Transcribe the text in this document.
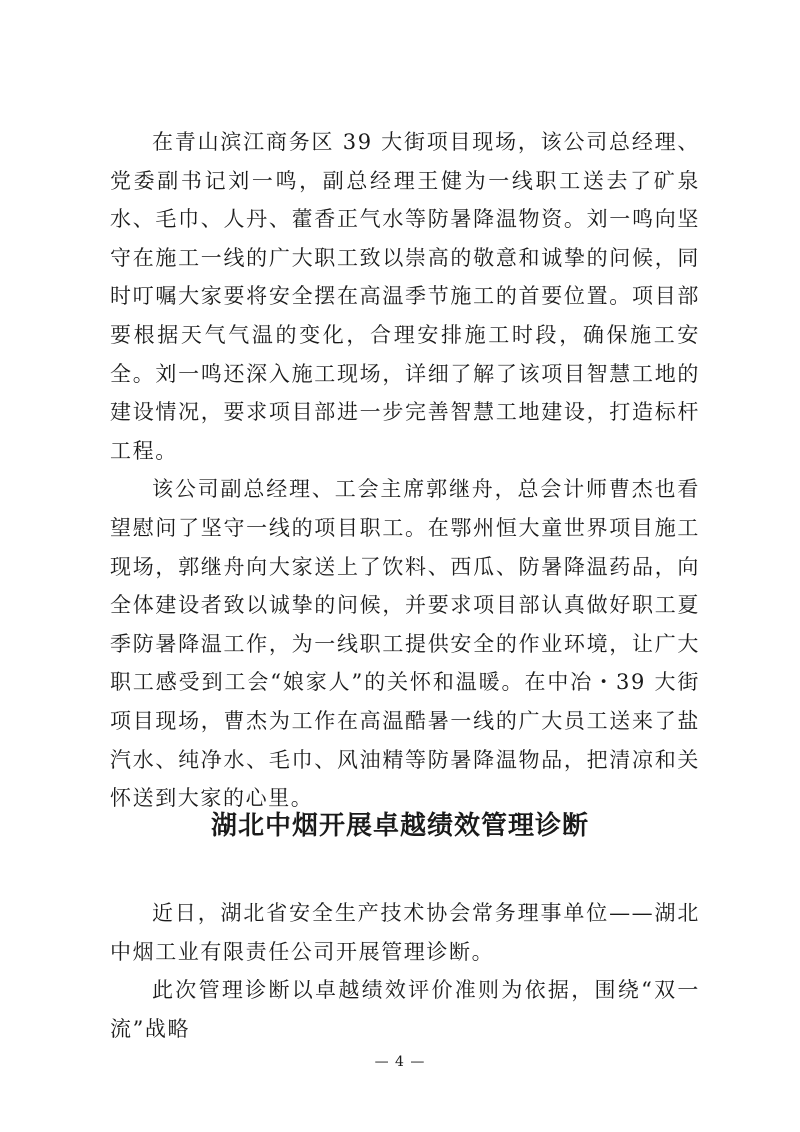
在青山滨江商务区 39 大街项目现场，该公司总经理、党委副书记刘一鸣，副总经理王健为一线职工送去了矿泉水、毛巾、人丹、藿香正气水等防暑降温物资。刘一鸣向坚守在施工一线的广大职工致以崇高的敬意和诚挚的问候，同时叮嘱大家要将安全摆在高温季节施工的首要位置。项目部要根据天气气温的变化，合理安排施工时段，确保施工安全。刘一鸣还深入施工现场，详细了解了该项目智慧工地的建设情况，要求项目部进一步完善智慧工地建设，打造标杆工程。

该公司副总经理、工会主席郭继舟，总会计师曹杰也看望慰问了坚守一线的项目职工。在鄂州恒大童世界项目施工现场，郭继舟向大家送上了饮料、西瓜、防暑降温药品，向全体建设者致以诚挚的问候，并要求项目部认真做好职工夏季防暑降温工作，为一线职工提供安全的作业环境，让广大职工感受到工会“娘家人”的关怀和温暖。在中冶・39 大街项目现场，曹杰为工作在高温酷暑一线的广大员工送来了盐汽水、纯净水、毛巾、风油精等防暑降温物品，把清凉和关怀送到大家的心里。

湖北中烟开展卓越绩效管理诊断

近日，湖北省安全生产技术协会常务理事单位——湖北中烟工业有限责任公司开展管理诊断。

此次管理诊断以卓越绩效评价准则为依据，围绕“双一流”战略

— 4 —
